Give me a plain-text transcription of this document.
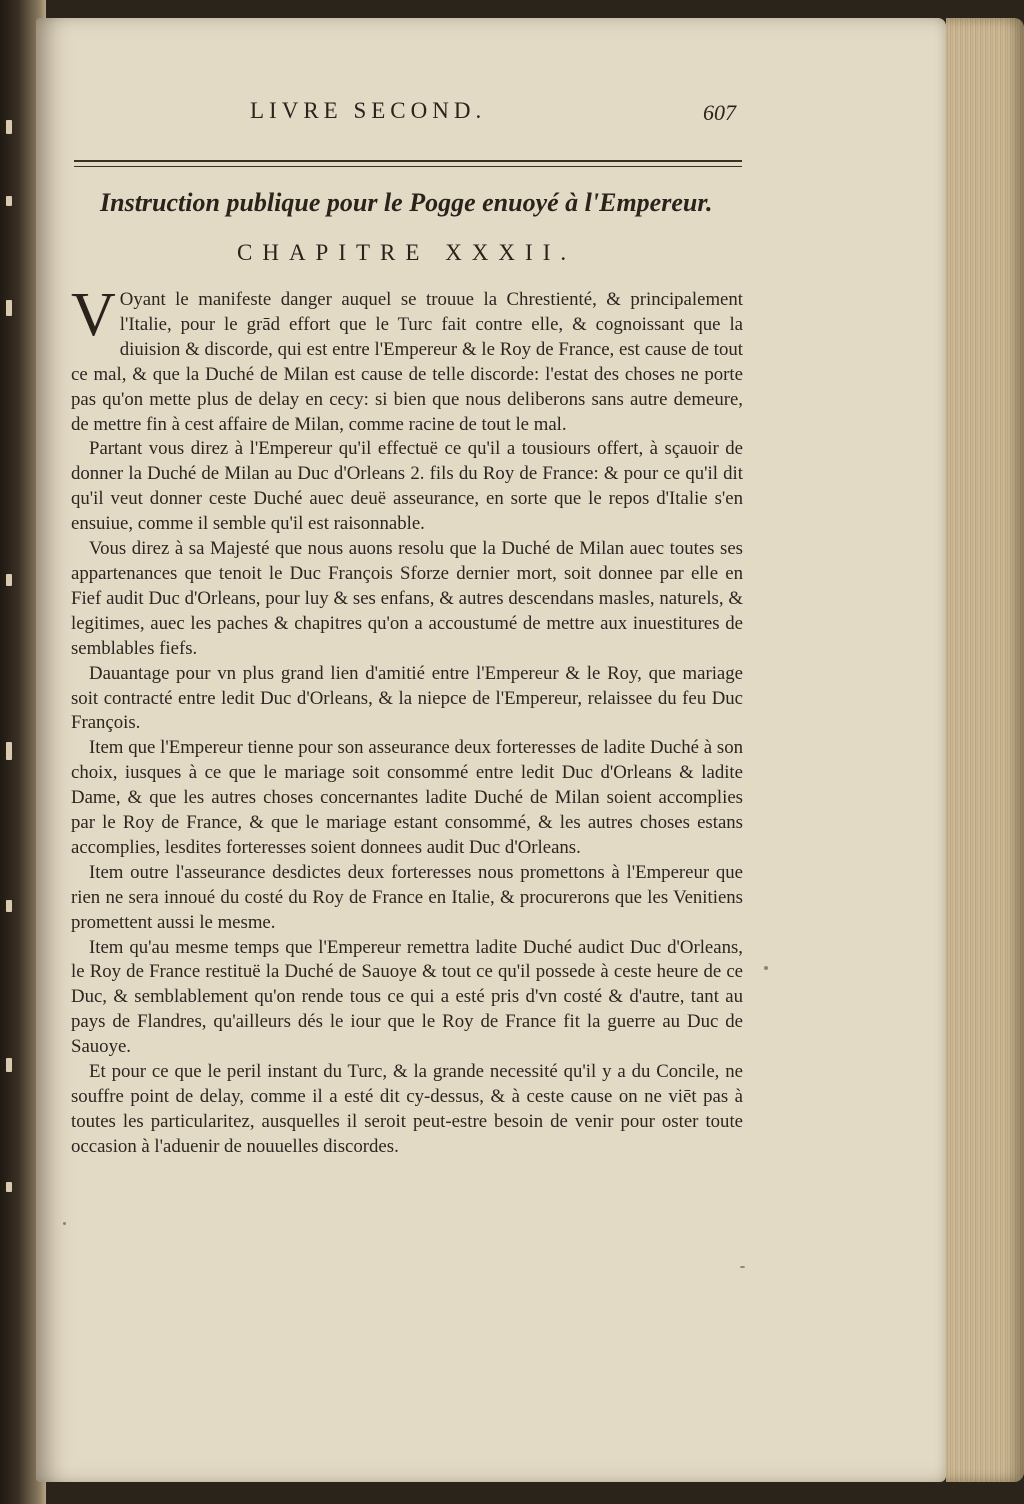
LIVRE SECOND.	607
Instruction publique pour le Pogge enuoyé à l'Empereur.
CHAPITRE XXXII.

V Oyant le manifeste danger auquel se trouue la Chrestienté, & principalement l'Italie, pour le grād effort que le Turc fait contre elle, & cognoissant que la diuision & discorde, qui est entre l'Empereur & le Roy de France, est cause de tout ce mal, & que la Duché de Milan est cause de telle discorde: l'estat des choses ne porte pas qu'on mette plus de delay en cecy: si bien que nous deliberons sans autre demeure, de mettre fin à cest affaire de Milan, comme racine de tout le mal.

Partant vous direz à l'Empereur qu'il effectuë ce qu'il a tousiours offert, à sçauoir de donner la Duché de Milan au Duc d'Orleans 2. fils du Roy de France: & pour ce qu'il dit qu'il veut donner ceste Duché auec deuë asseurance, en sorte que le repos d'Italie s'en ensuiue, comme il semble qu'il est raisonnable.

Vous direz à sa Majesté que nous auons resolu que la Duché de Milan auec toutes ses appartenances que tenoit le Duc François Sforze dernier mort, soit donnee par elle en Fief audit Duc d'Orleans, pour luy & ses enfans, & autres descendans masles, naturels, & legitimes, auec les paches & chapitres qu'on a accoustumé de mettre aux inuestitures de semblables fiefs.

Dauantage pour vn plus grand lien d'amitié entre l'Empereur & le Roy, que mariage soit contracté entre ledit Duc d'Orleans, & la niepce de l'Empereur, relaissee du feu Duc François.

Item que l'Empereur tienne pour son asseurance deux forteresses de ladite Duché à son choix, iusques à ce que le mariage soit consommé entre ledit Duc d'Orleans & ladite Dame, & que les autres choses concernantes ladite Duché de Milan soient accomplies par le Roy de France, & que le mariage estant consommé, & les autres choses estans accomplies, lesdites forteresses soient donnees audit Duc d'Orleans.

Item outre l'asseurance desdictes deux forteresses nous promettons à l'Empereur que rien ne sera innoué du costé du Roy de France en Italie, & procurerons que les Venitiens promettent aussi le mesme.

Item qu'au mesme temps que l'Empereur remettra ladite Duché audict Duc d'Orleans, le Roy de France restituë la Duché de Sauoye & tout ce qu'il possede à ceste heure de ce Duc, & semblablement qu'on rende tous ce qui a esté pris d'vn costé & d'autre, tant au pays de Flandres, qu'ailleurs dés le iour que le Roy de France fit la guerre au Duc de Sauoye.

Et pour ce que le peril instant du Turc, & la grande necessité qu'il y a du Concile, ne souffre point de delay, comme il a esté dit cy-dessus, & à ceste cause on ne viēt pas à toutes les particularitez, ausquelles il seroit peut-estre besoin de venir pour oster toute occasion à l'aduenir de nouuelles discordes.
